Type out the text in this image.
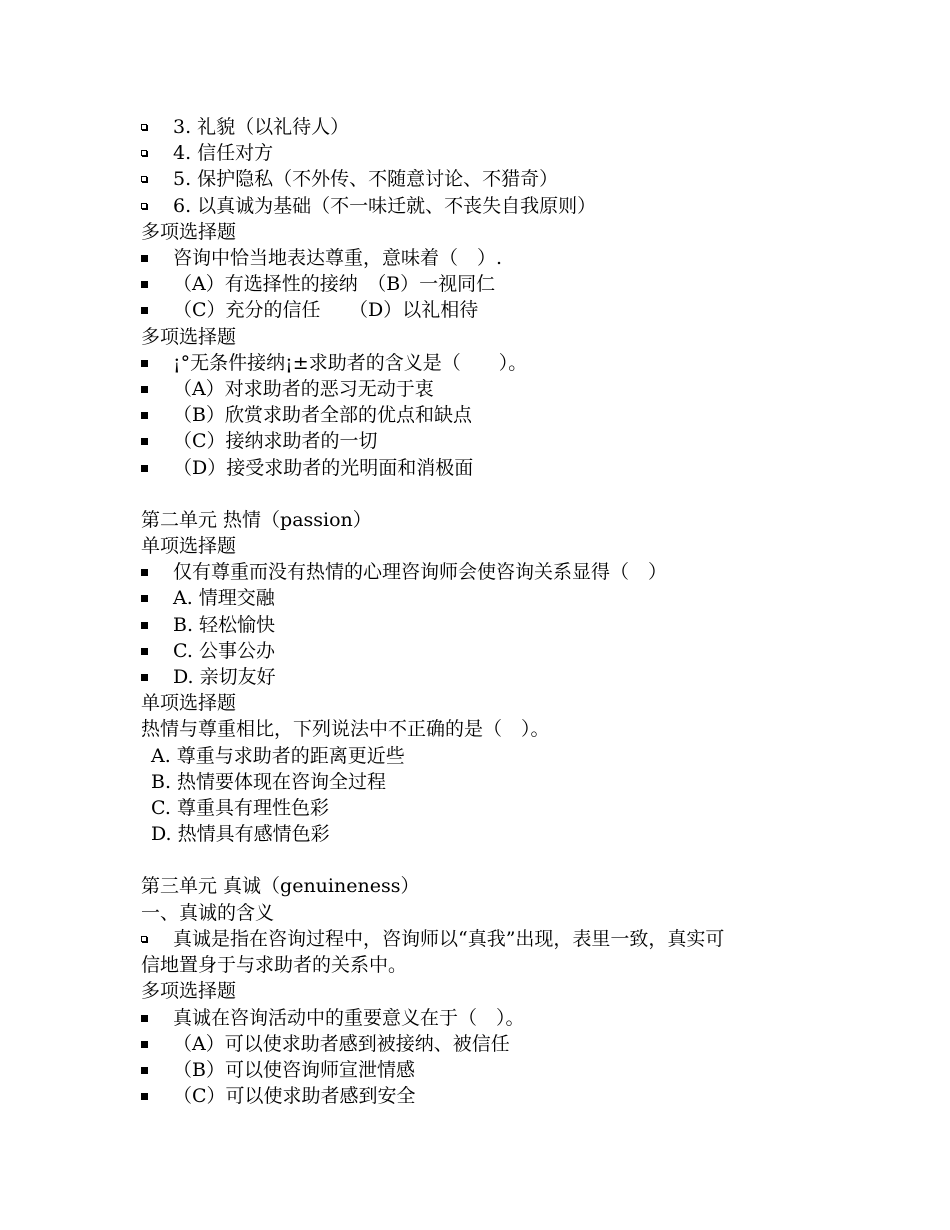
3. 礼貌（以礼待人）
4. 信任对方
5. 保护隐私（不外传、不随意讨论、不猎奇）
6. 以真诚为基础（不一味迁就、不丧失自我原则）
多项选择题
咨询中恰当地表达尊重，意味着（　）.
（A）有选择性的接纳　（B）一视同仁
（C）充分的信任　　（D）以礼相待
多项选择题
¡°无条件接纳¡±求助者的含义是（　　）。
（A）对求助者的恶习无动于衷
（B）欣赏求助者全部的优点和缺点
（C）接纳求助者的一切
（D）接受求助者的光明面和消极面
第二单元 热情（passion）
单项选择题
仅有尊重而没有热情的心理咨询师会使咨询关系显得（　）
A. 情理交融
B. 轻松愉快
C. 公事公办
D. 亲切友好
单项选择题
热情与尊重相比，下列说法中不正确的是（　）。
A. 尊重与求助者的距离更近些
B. 热情要体现在咨询全过程
C. 尊重具有理性色彩
D. 热情具有感情色彩
第三单元 真诚（genuineness）
一、真诚的含义
真诚是指在咨询过程中，咨询师以“真我”出现，表里一致，真实可
信地置身于与求助者的关系中。
多项选择题
真诚在咨询活动中的重要意义在于（　）。
（A）可以使求助者感到被接纳、被信任
（B）可以使咨询师宣泄情感
（C）可以使求助者感到安全
